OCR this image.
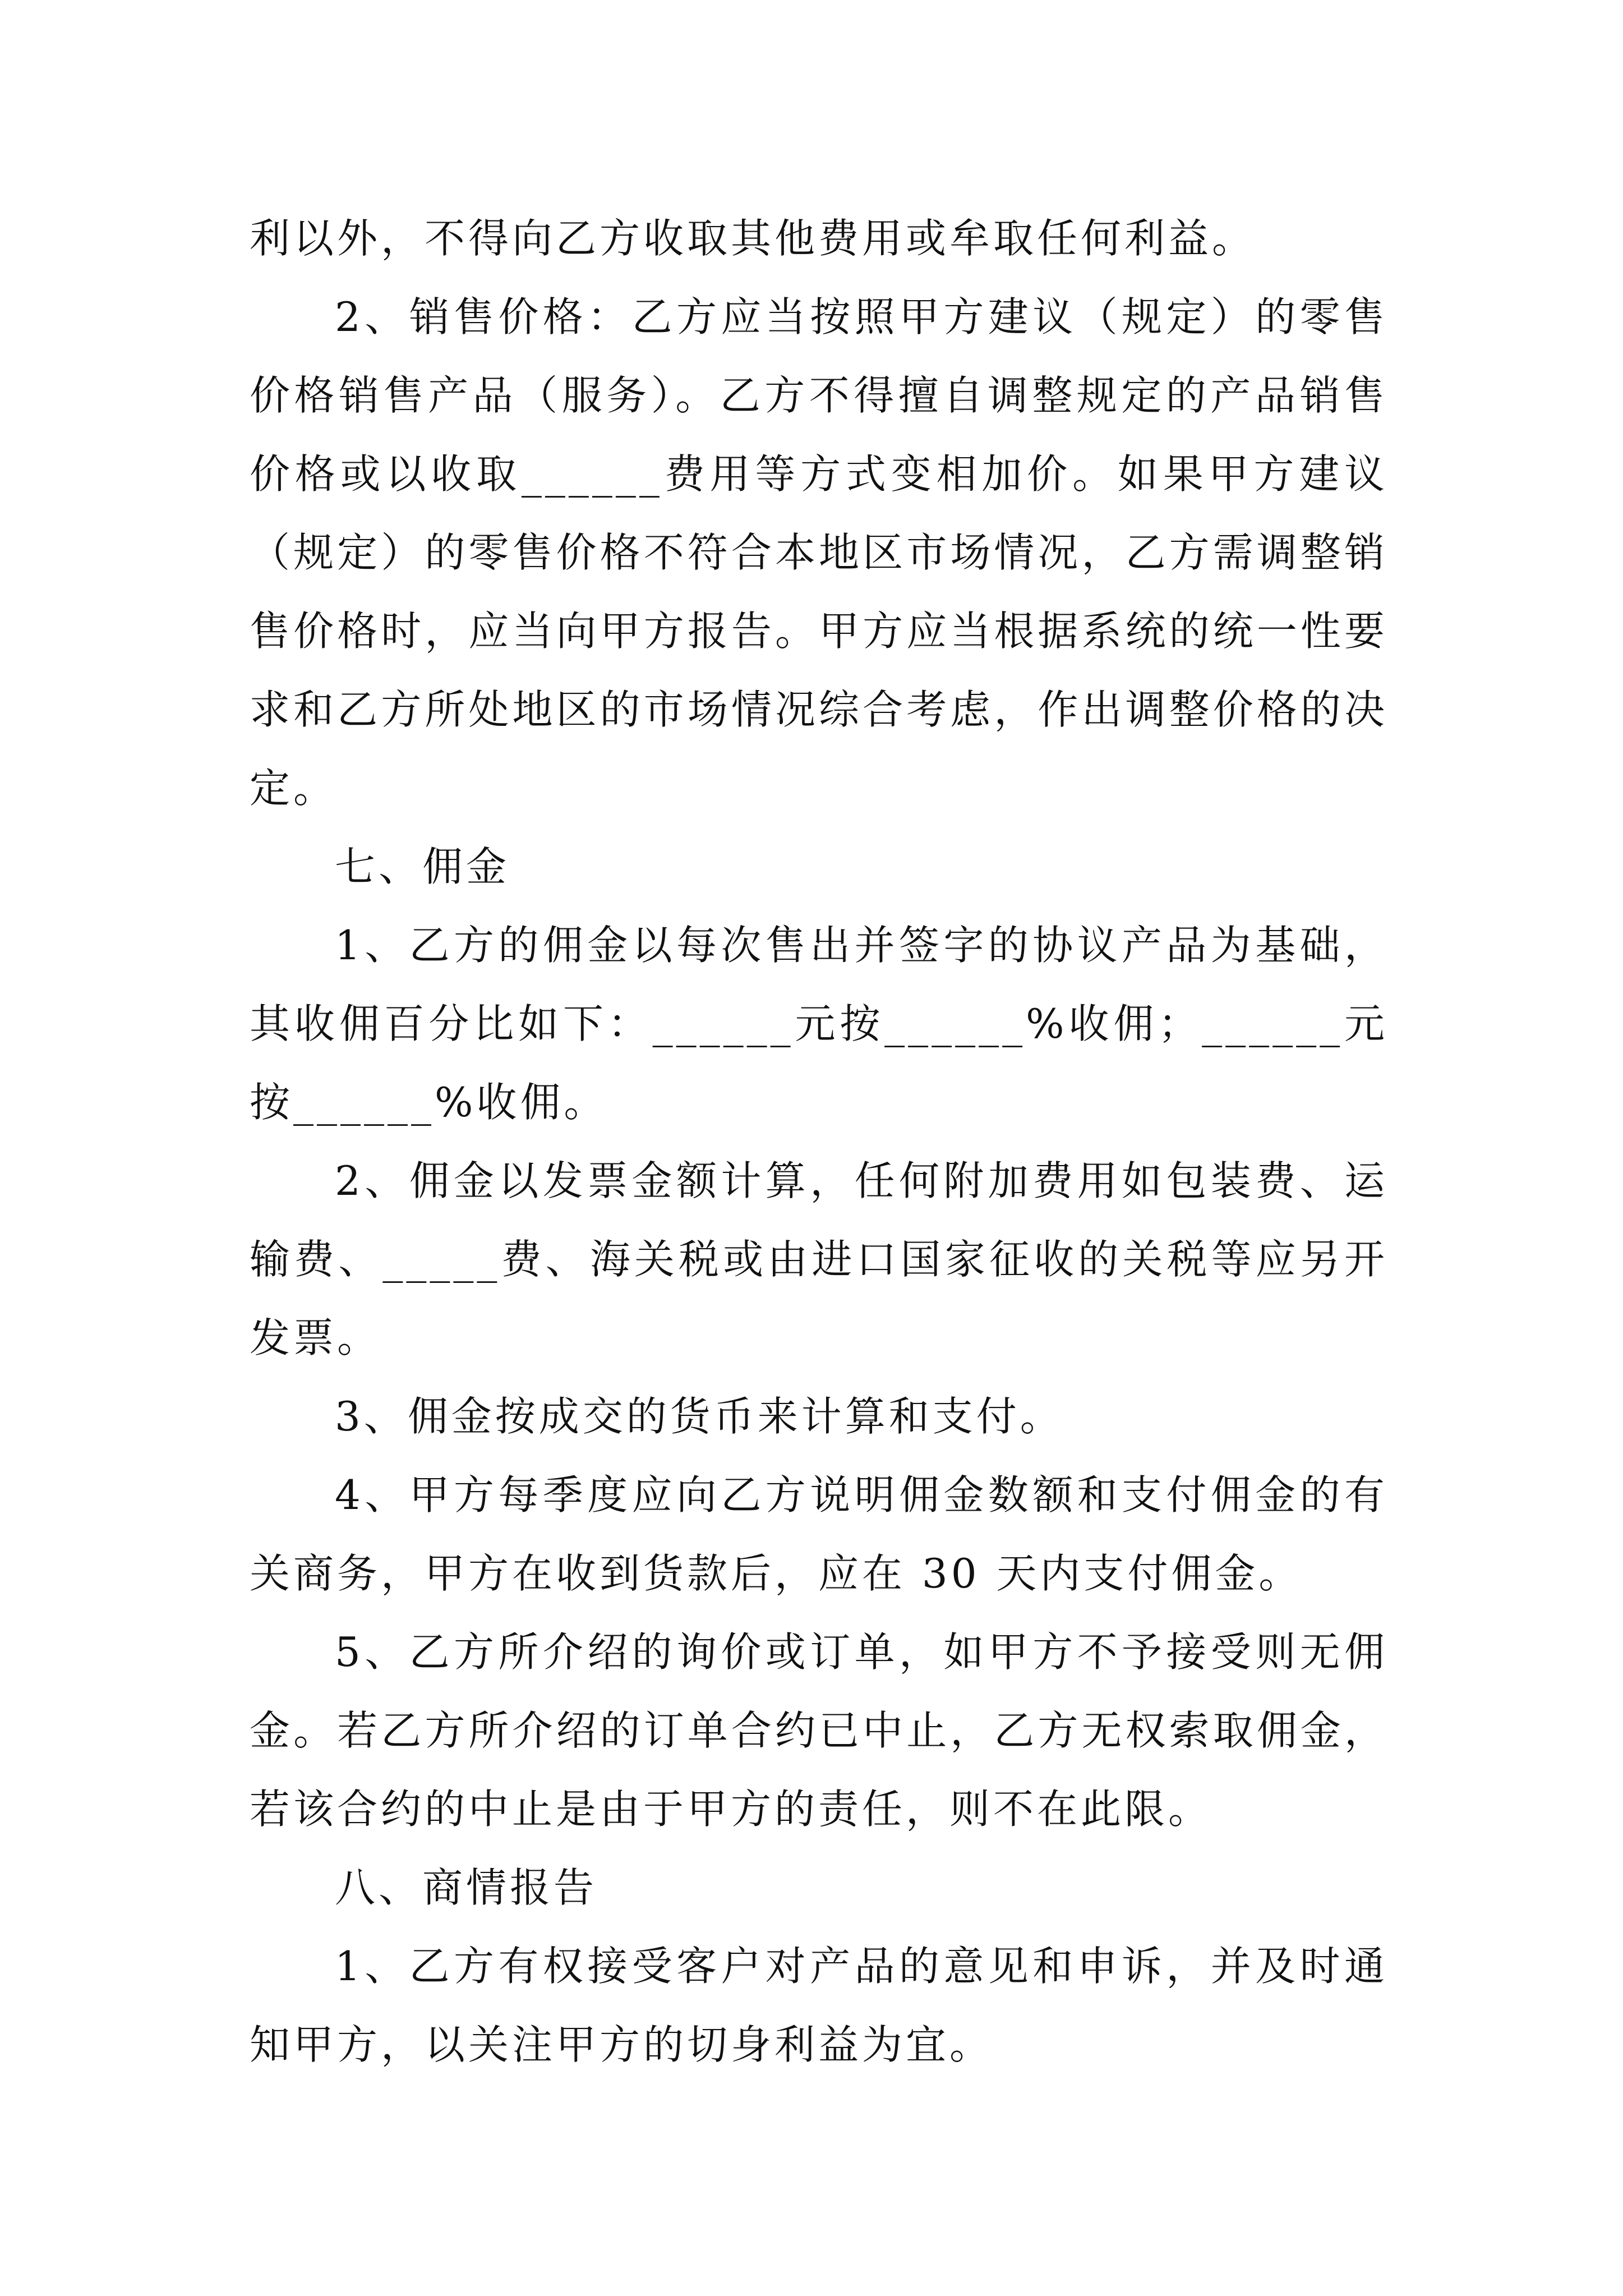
利以外，不得向乙方收取其他费用或牟取任何利益。

2、销售价格：乙方应当按照甲方建议（规定）的零售价格销售产品（服务）。乙方不得擅自调整规定的产品销售价格或以收取______费用等方式变相加价。如果甲方建议（规定）的零售价格不符合本地区市场情况，乙方需调整销售价格时，应当向甲方报告。甲方应当根据系统的统一性要求和乙方所处地区的市场情况综合考虑，作出调整价格的决定。

七、佣金

1、乙方的佣金以每次售出并签字的协议产品为基础，其收佣百分比如下：______元按______%收佣；______元按______%收佣。

2、佣金以发票金额计算，任何附加费用如包装费、运输费、_____费、海关税或由进口国家征收的关税等应另开发票。

3、佣金按成交的货币来计算和支付。

4、甲方每季度应向乙方说明佣金数额和支付佣金的有关商务，甲方在收到货款后，应在 30 天内支付佣金。

5、乙方所介绍的询价或订单，如甲方不予接受则无佣金。若乙方所介绍的订单合约已中止，乙方无权索取佣金，若该合约的中止是由于甲方的责任，则不在此限。

八、商情报告

1、乙方有权接受客户对产品的意见和申诉，并及时通知甲方，以关注甲方的切身利益为宜。
